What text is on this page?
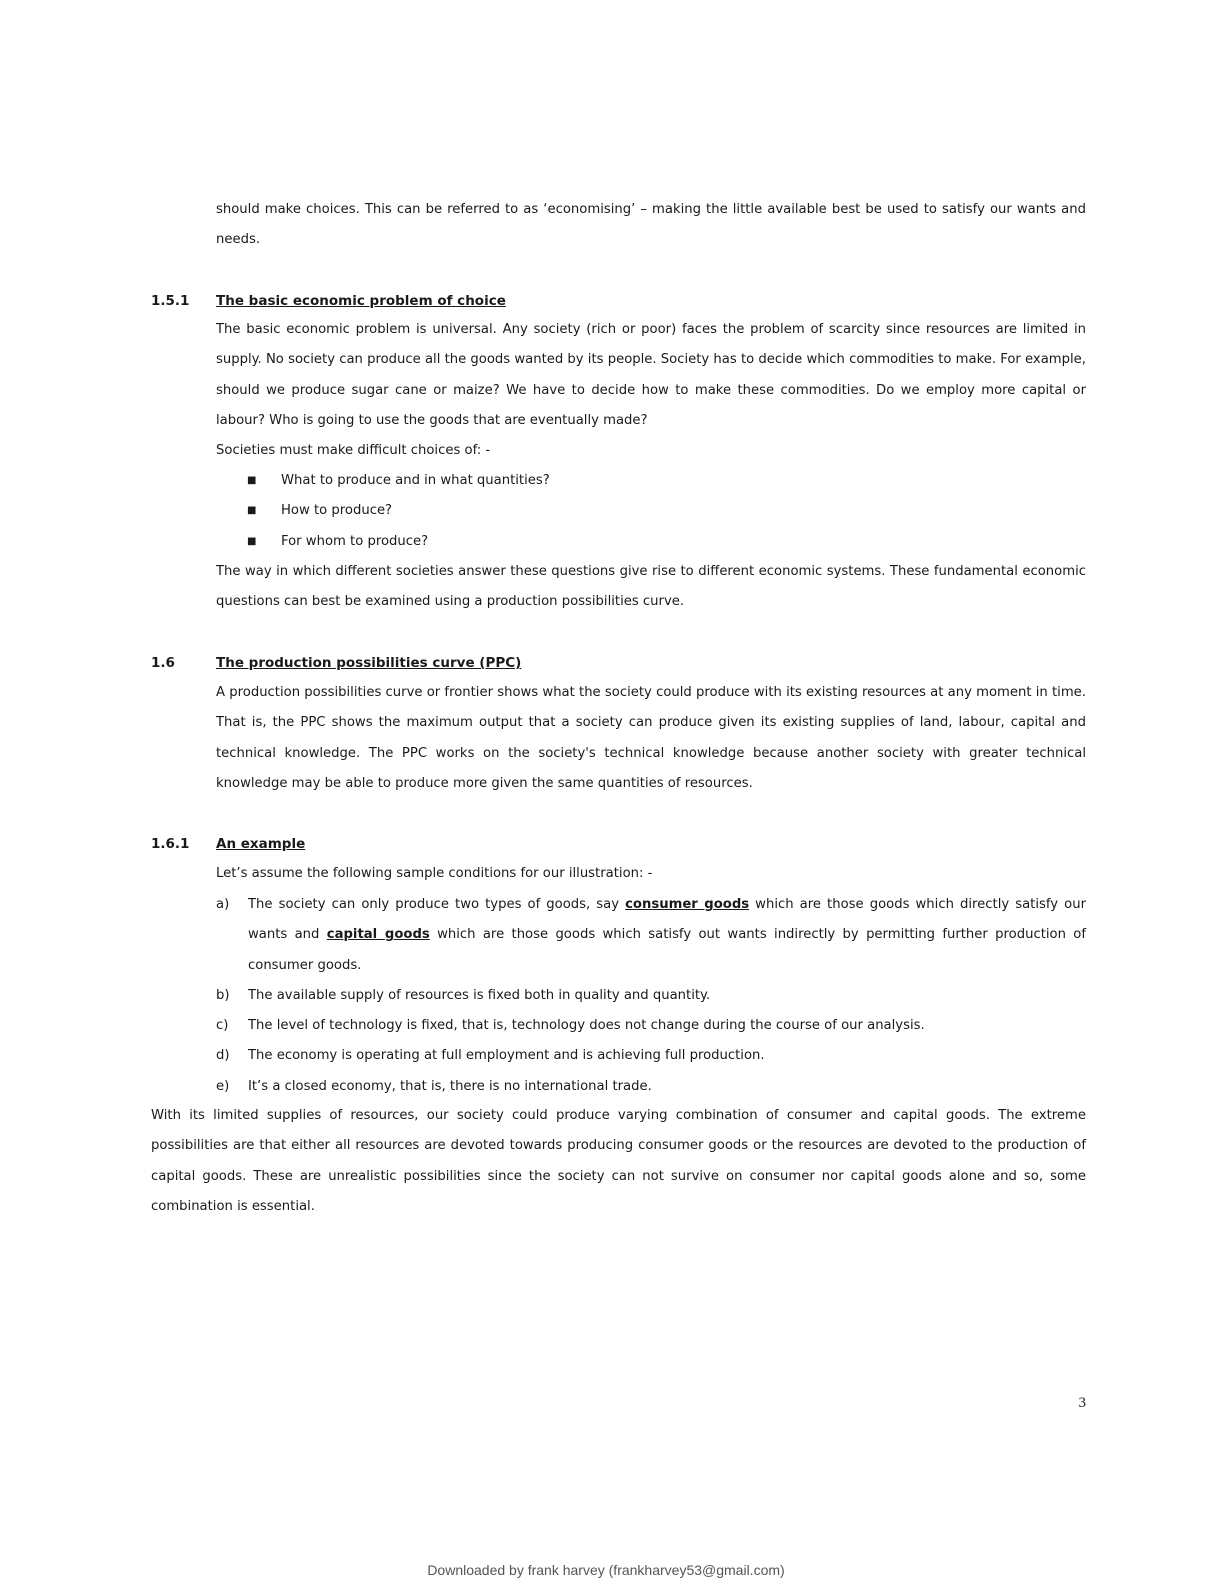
should make choices. This can be referred to as ‘economising’ – making the little available best be used to satisfy our wants and needs.

1.5.1 The basic economic problem of choice

The basic economic problem is universal. Any society (rich or poor) faces the problem of scarcity since resources are limited in supply. No society can produce all the goods wanted by its people. Society has to decide which commodities to make. For example, should we produce sugar cane or maize? We have to decide how to make these commodities. Do we employ more capital or labour? Who is going to use the goods that are eventually made?

Societies must make difficult choices of: -

■ What to produce and in what quantities?
■ How to produce?
■ For whom to produce?

The way in which different societies answer these questions give rise to different economic systems. These fundamental economic questions can best be examined using a production possibilities curve.

1.6	The production possibilities curve (PPC)

A production possibilities curve or frontier shows what the society could produce with its existing resources at any moment in time. That is, the PPC shows the maximum output that a society can produce given its existing supplies of land, labour, capital and technical knowledge. The PPC works on the society's technical knowledge because another society with greater technical knowledge may be able to produce more given the same quantities of resources.

1.6.1 An example

Let’s assume the following sample conditions for our illustration: -

a) The society can only produce two types of goods, say consumer goods which are those goods which directly satisfy our wants and capital goods which are those goods which satisfy out wants indirectly by permitting further production of consumer goods.
b) The available supply of resources is fixed both in quality and quantity.
c) The level of technology is fixed, that is, technology does not change during the course of our analysis.
d) The economy is operating at full employment and is achieving full production.
e) It’s a closed economy, that is, there is no international trade.

With its limited supplies of resources, our society could produce varying combination of consumer and capital goods. The extreme possibilities are that either all resources are devoted towards producing consumer goods or the resources are devoted to the production of capital goods. These are unrealistic possibilities since the society can not survive on consumer nor capital goods alone and so, some combination is essential.

3
Downloaded by frank harvey (frankharvey53@gmail.com)
